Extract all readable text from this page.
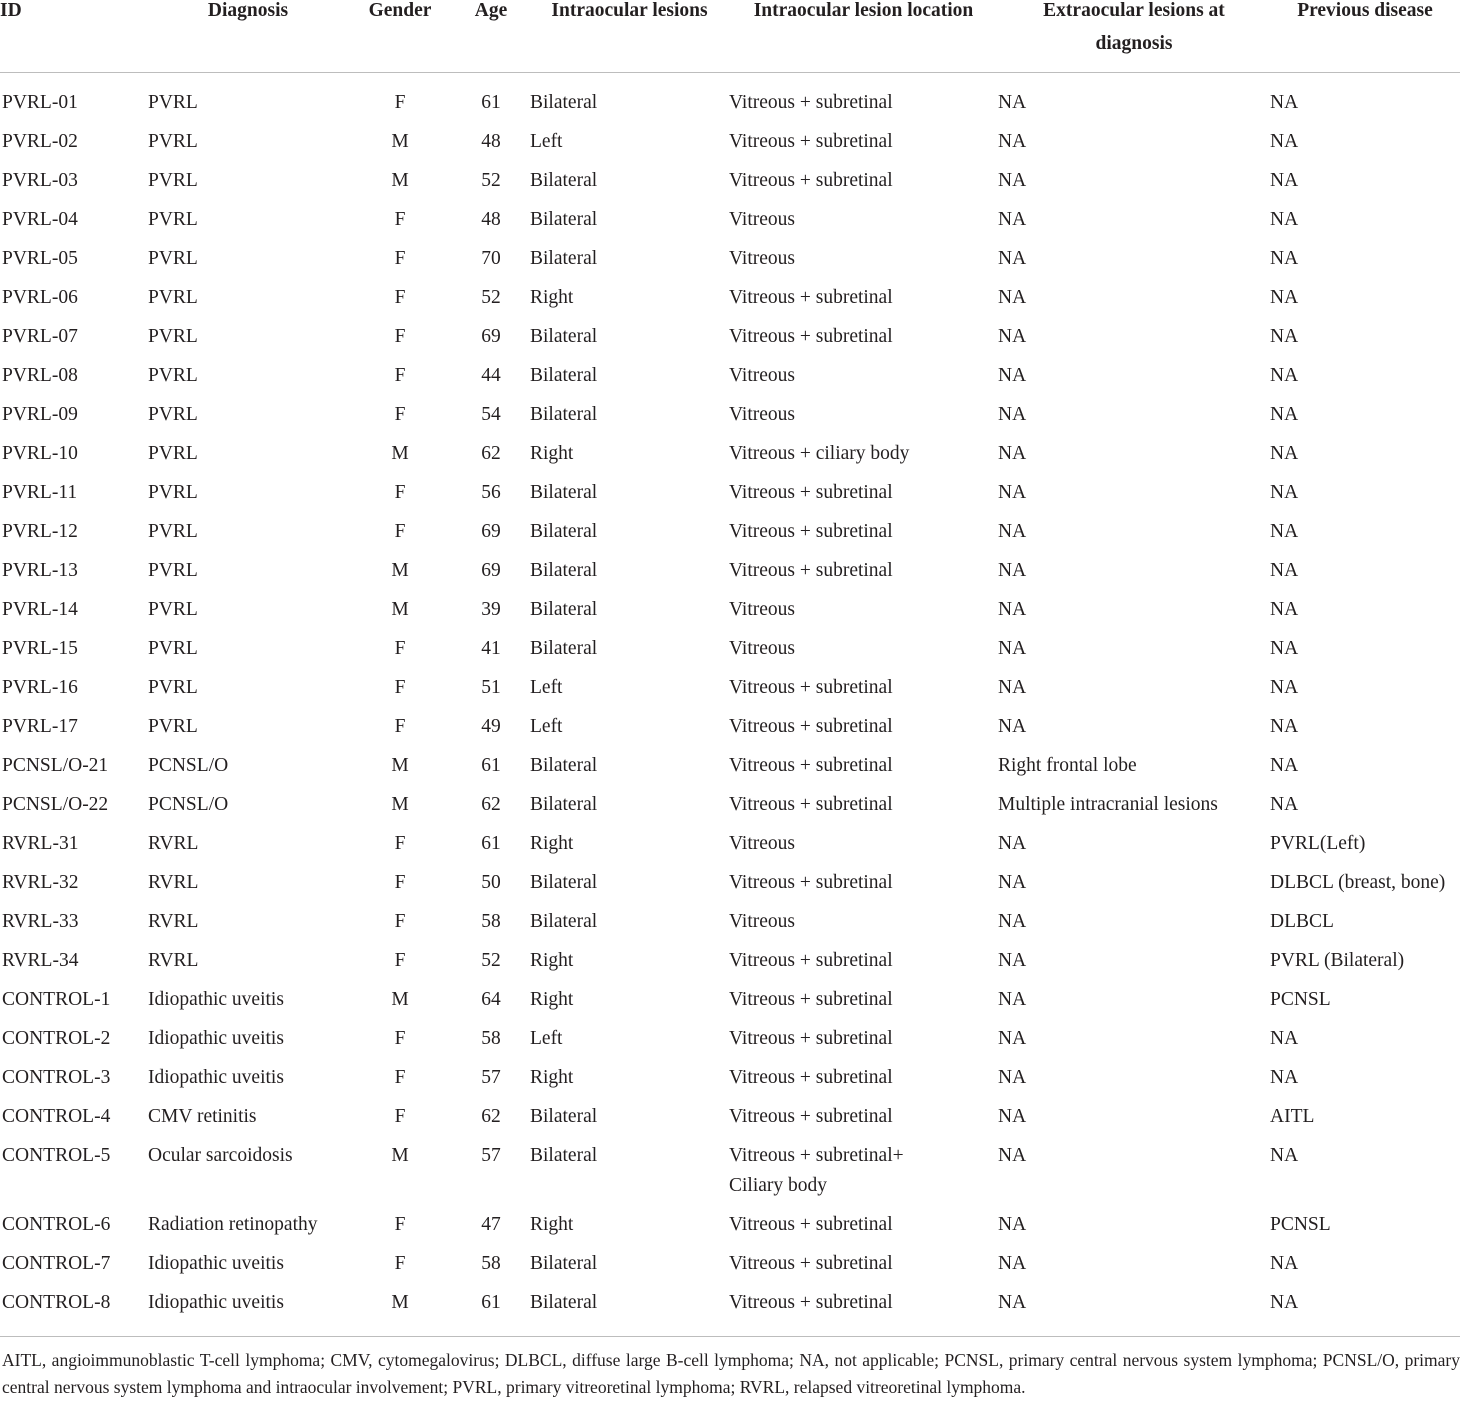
ID	Diagnosis	Gender	Age	Intraocular lesions	Intraocular lesion location	Extraocular lesions at diagnosis	Previous disease
PVRL-01	PVRL	F	61	Bilateral	Vitreous + subretinal	NA	NA
PVRL-02	PVRL	M	48	Left	Vitreous + subretinal	NA	NA
PVRL-03	PVRL	M	52	Bilateral	Vitreous + subretinal	NA	NA
PVRL-04	PVRL	F	48	Bilateral	Vitreous	NA	NA
PVRL-05	PVRL	F	70	Bilateral	Vitreous	NA	NA
PVRL-06	PVRL	F	52	Right	Vitreous + subretinal	NA	NA
PVRL-07	PVRL	F	69	Bilateral	Vitreous + subretinal	NA	NA
PVRL-08	PVRL	F	44	Bilateral	Vitreous	NA	NA
PVRL-09	PVRL	F	54	Bilateral	Vitreous	NA	NA
PVRL-10	PVRL	M	62	Right	Vitreous + ciliary body	NA	NA
PVRL-11	PVRL	F	56	Bilateral	Vitreous + subretinal	NA	NA
PVRL-12	PVRL	F	69	Bilateral	Vitreous + subretinal	NA	NA
PVRL-13	PVRL	M	69	Bilateral	Vitreous + subretinal	NA	NA
PVRL-14	PVRL	M	39	Bilateral	Vitreous	NA	NA
PVRL-15	PVRL	F	41	Bilateral	Vitreous	NA	NA
PVRL-16	PVRL	F	51	Left	Vitreous + subretinal	NA	NA
PVRL-17	PVRL	F	49	Left	Vitreous + subretinal	NA	NA
PCNSL/O-21	PCNSL/O	M	61	Bilateral	Vitreous + subretinal	Right frontal lobe	NA
PCNSL/O-22	PCNSL/O	M	62	Bilateral	Vitreous + subretinal	Multiple intracranial lesions	NA
RVRL-31	RVRL	F	61	Right	Vitreous	NA	PVRL(Left)
RVRL-32	RVRL	F	50	Bilateral	Vitreous + subretinal	NA	DLBCL (breast, bone)
RVRL-33	RVRL	F	58	Bilateral	Vitreous	NA	DLBCL
RVRL-34	RVRL	F	52	Right	Vitreous + subretinal	NA	PVRL (Bilateral)
CONTROL-1	Idiopathic uveitis	M	64	Right	Vitreous + subretinal	NA	PCNSL
CONTROL-2	Idiopathic uveitis	F	58	Left	Vitreous + subretinal	NA	NA
CONTROL-3	Idiopathic uveitis	F	57	Right	Vitreous + subretinal	NA	NA
CONTROL-4	CMV retinitis	F	62	Bilateral	Vitreous + subretinal	NA	AITL
CONTROL-5	Ocular sarcoidosis	M	57	Bilateral	Vitreous + subretinal+ Ciliary body	NA	NA
CONTROL-6	Radiation retinopathy	F	47	Right	Vitreous + subretinal	NA	PCNSL
CONTROL-7	Idiopathic uveitis	F	58	Bilateral	Vitreous + subretinal	NA	NA
CONTROL-8	Idiopathic uveitis	M	61	Bilateral	Vitreous + subretinal	NA	NA
AITL, angioimmunoblastic T-cell lymphoma; CMV, cytomegalovirus; DLBCL, diffuse large B-cell lymphoma; NA, not applicable; PCNSL, primary central nervous system lymphoma; PCNSL/O, primary central nervous system lymphoma and intraocular involvement; PVRL, primary vitreoretinal lymphoma; RVRL, relapsed vitreoretinal lymphoma.
